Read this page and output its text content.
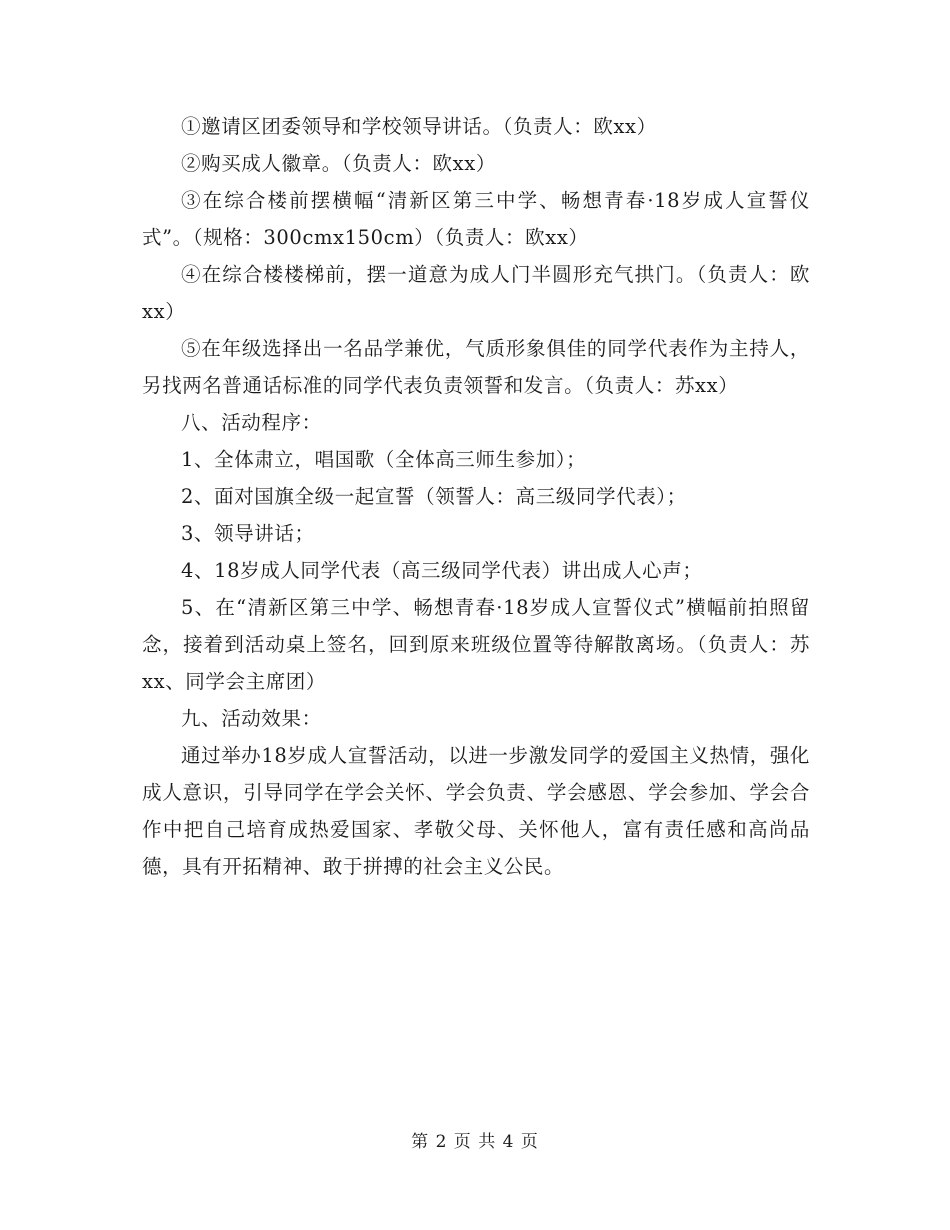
①邀请区团委领导和学校领导讲话。（负责人：欧xx）

②购买成人徽章。（负责人：欧xx）

③在综合楼前摆横幅“清新区第三中学、畅想青春·18岁成人宣誓仪式”。（规格：300cmx150cm）（负责人：欧xx）

④在综合楼楼梯前，摆一道意为成人门半圆形充气拱门。（负责人：欧xx）

⑤在年级选择出一名品学兼优，气质形象俱佳的同学代表作为主持人，另找两名普通话标准的同学代表负责领誓和发言。（负责人：苏xx）

八、活动程序：

1、全体肃立，唱国歌（全体高三师生参加）；

2、面对国旗全级一起宣誓（领誓人：高三级同学代表）；

3、领导讲话；

4、18岁成人同学代表（高三级同学代表）讲出成人心声；

5、在“清新区第三中学、畅想青春·18岁成人宣誓仪式”横幅前拍照留念，接着到活动桌上签名，回到原来班级位置等待解散离场。（负责人：苏xx、同学会主席团）

九、活动效果：

通过举办18岁成人宣誓活动，以进一步激发同学的爱国主义热情，强化成人意识，引导同学在学会关怀、学会负责、学会感恩、学会参加、学会合作中把自己培育成热爱国家、孝敬父母、关怀他人，富有责任感和高尚品德，具有开拓精神、敢于拼搏的社会主义公民。

第 2 页 共 4 页
